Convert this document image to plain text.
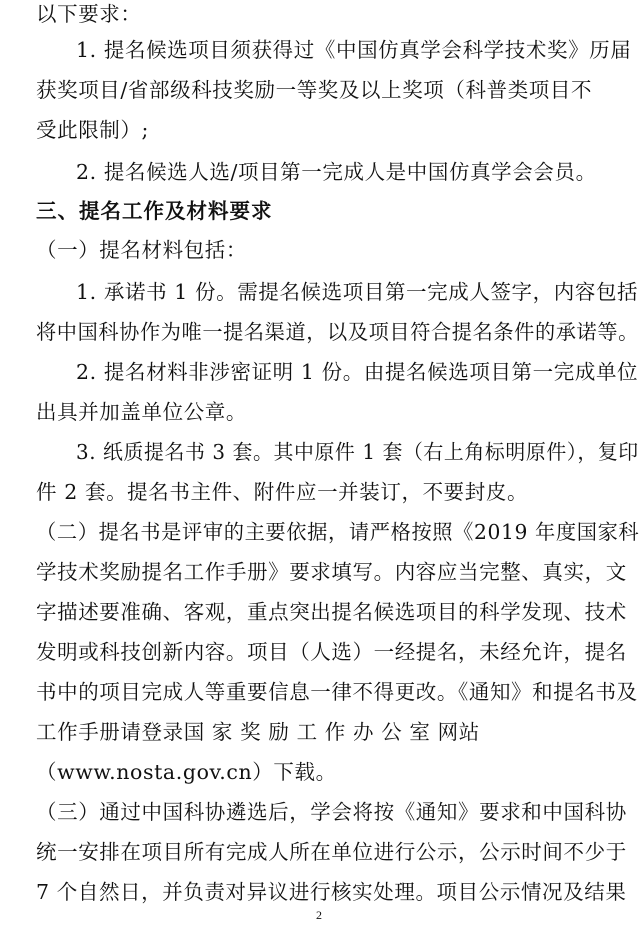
以下要求：
1. 提名候选项目须获得过《中国仿真学会科学技术奖》历届
获奖项目/省部级科技奖励一等奖及以上奖项（科普类项目不
受此限制）;
2. 提名候选人选/项目第一完成人是中国仿真学会会员。
三、提名工作及材料要求
（一）提名材料包括：
1. 承诺书 1 份。需提名候选项目第一完成人签字，内容包括
将中国科协作为唯一提名渠道，以及项目符合提名条件的承诺等。
2. 提名材料非涉密证明 1 份。由提名候选项目第一完成单位
出具并加盖单位公章。
3. 纸质提名书 3 套。其中原件 1 套（右上角标明原件），复印
件 2 套。提名书主件、附件应一并装订，不要封皮。
（二）提名书是评审的主要依据，请严格按照《2019 年度国家科
学技术奖励提名工作手册》要求填写。内容应当完整、真实，文
字描述要准确、客观，重点突出提名候选项目的科学发现、技术
发明或科技创新内容。项目（人选）一经提名，未经允许，提名
书中的项目完成人等重要信息一律不得更改。《通知》和提名书及
工作手册请登录国 家 奖 励 工 作 办 公 室 网站
（www.nosta.gov.cn）下载。
（三）通过中国科协遴选后，学会将按《通知》要求和中国科协
统一安排在项目所有完成人所在单位进行公示，公示时间不少于
7 个自然日，并负责对异议进行核实处理。项目公示情况及结果
2
